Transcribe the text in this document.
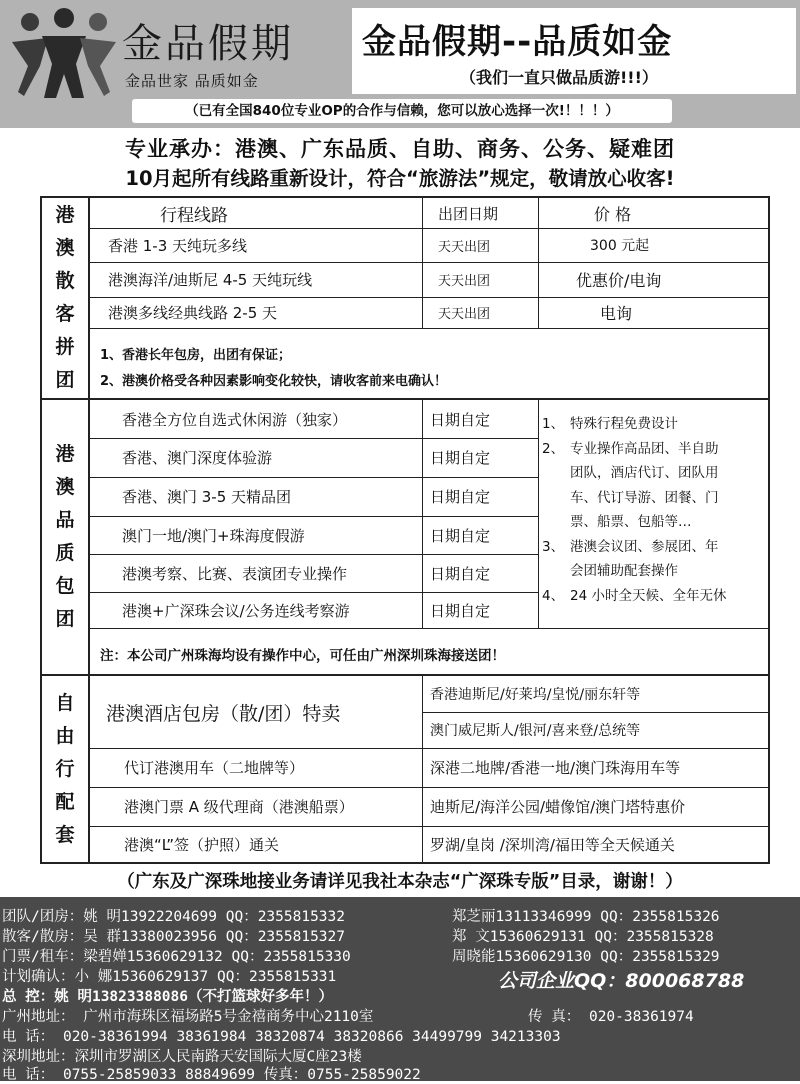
金品假期
金品世家 品质如金
金品假期--品质如金
（我们一直只做品质游!!!）
（已有全国840位专业OP的合作与信赖，您可以放心选择一次!！！！）
专业承办：港澳、广东品质、自助、商务、公务、疑难团
10月起所有线路重新设计，符合“旅游法”规定，敬请放心收客!
港
澳
散
客
拼
团
行程线路	出团日期	价 格
香港 1-3 天纯玩多线	天天出团	300 元起
港澳海洋/迪斯尼 4-5 天纯玩线	天天出团	优惠价/电询
港澳多线经典线路 2-5 天	天天出团	电询
1、香港长年包房，出团有保证；
2、港澳价格受各种因素影响变化较快，请收客前来电确认！
港
澳
品
质
包
团
香港全方位自选式休闲游（独家）	日期自定
香港、澳门深度体验游	日期自定
香港、澳门 3-5 天精品团	日期自定
澳门一地/澳门+珠海度假游	日期自定
港澳考察、比赛、表演团专业操作	日期自定
港澳+广深珠会议/公务连线考察游	日期自定
1、 特殊行程免费设计
2、 专业操作高品团、半自助
团队，酒店代订、团队用
车、代订导游、团餐、门
票、船票、包船等…
3、 港澳会议团、参展团、年
会团辅助配套操作
4、 24 小时全天候、全年无休
注：本公司广州珠海均设有操作中心，可任由广州深圳珠海接送团！
自
由
行
配
套
港澳酒店包房（散/团）特卖
香港迪斯尼/好莱坞/皇悦/丽东轩等
澳门威尼斯人/银河/喜来登/总统等
代订港澳用车（二地牌等）	深港二地牌/香港一地/澳门珠海用车等
港澳门票 A 级代理商（港澳船票）	迪斯尼/海洋公园/蜡像馆/澳门塔特惠价
港澳“L”签（护照）通关	罗湖/皇岗 /深圳湾/福田等全天候通关
（广东及广深珠地接业务请详见我社本杂志“广深珠专版”目录，谢谢！）
团队/团房：姚 明13922204699 QQ：2355815332	郑芝丽13113346999 QQ：2355815326
散客/散房：吴 群13380023956 QQ：2355815327	郑 文15360629131 QQ：2355815328
门票/租车：梁碧婵15360629132 QQ：2355815330	周晓能15360629130 QQ：2355815329
计划确认：小 娜15360629137 QQ：2355815331	公司企业QQ：800068788
总 控：姚 明13823388086（不打篮球好多年！）
广州地址： 广州市海珠区福场路5号金禧商务中心2110室	传 真： 020-38361974
电 话： 020-38361994 38361984 38320874 38320866 34499799 34213303
深圳地址：深圳市罗湖区人民南路天安国际大厦C座23楼
电 话： 0755-25859033 88849699 传真：0755-25859022
